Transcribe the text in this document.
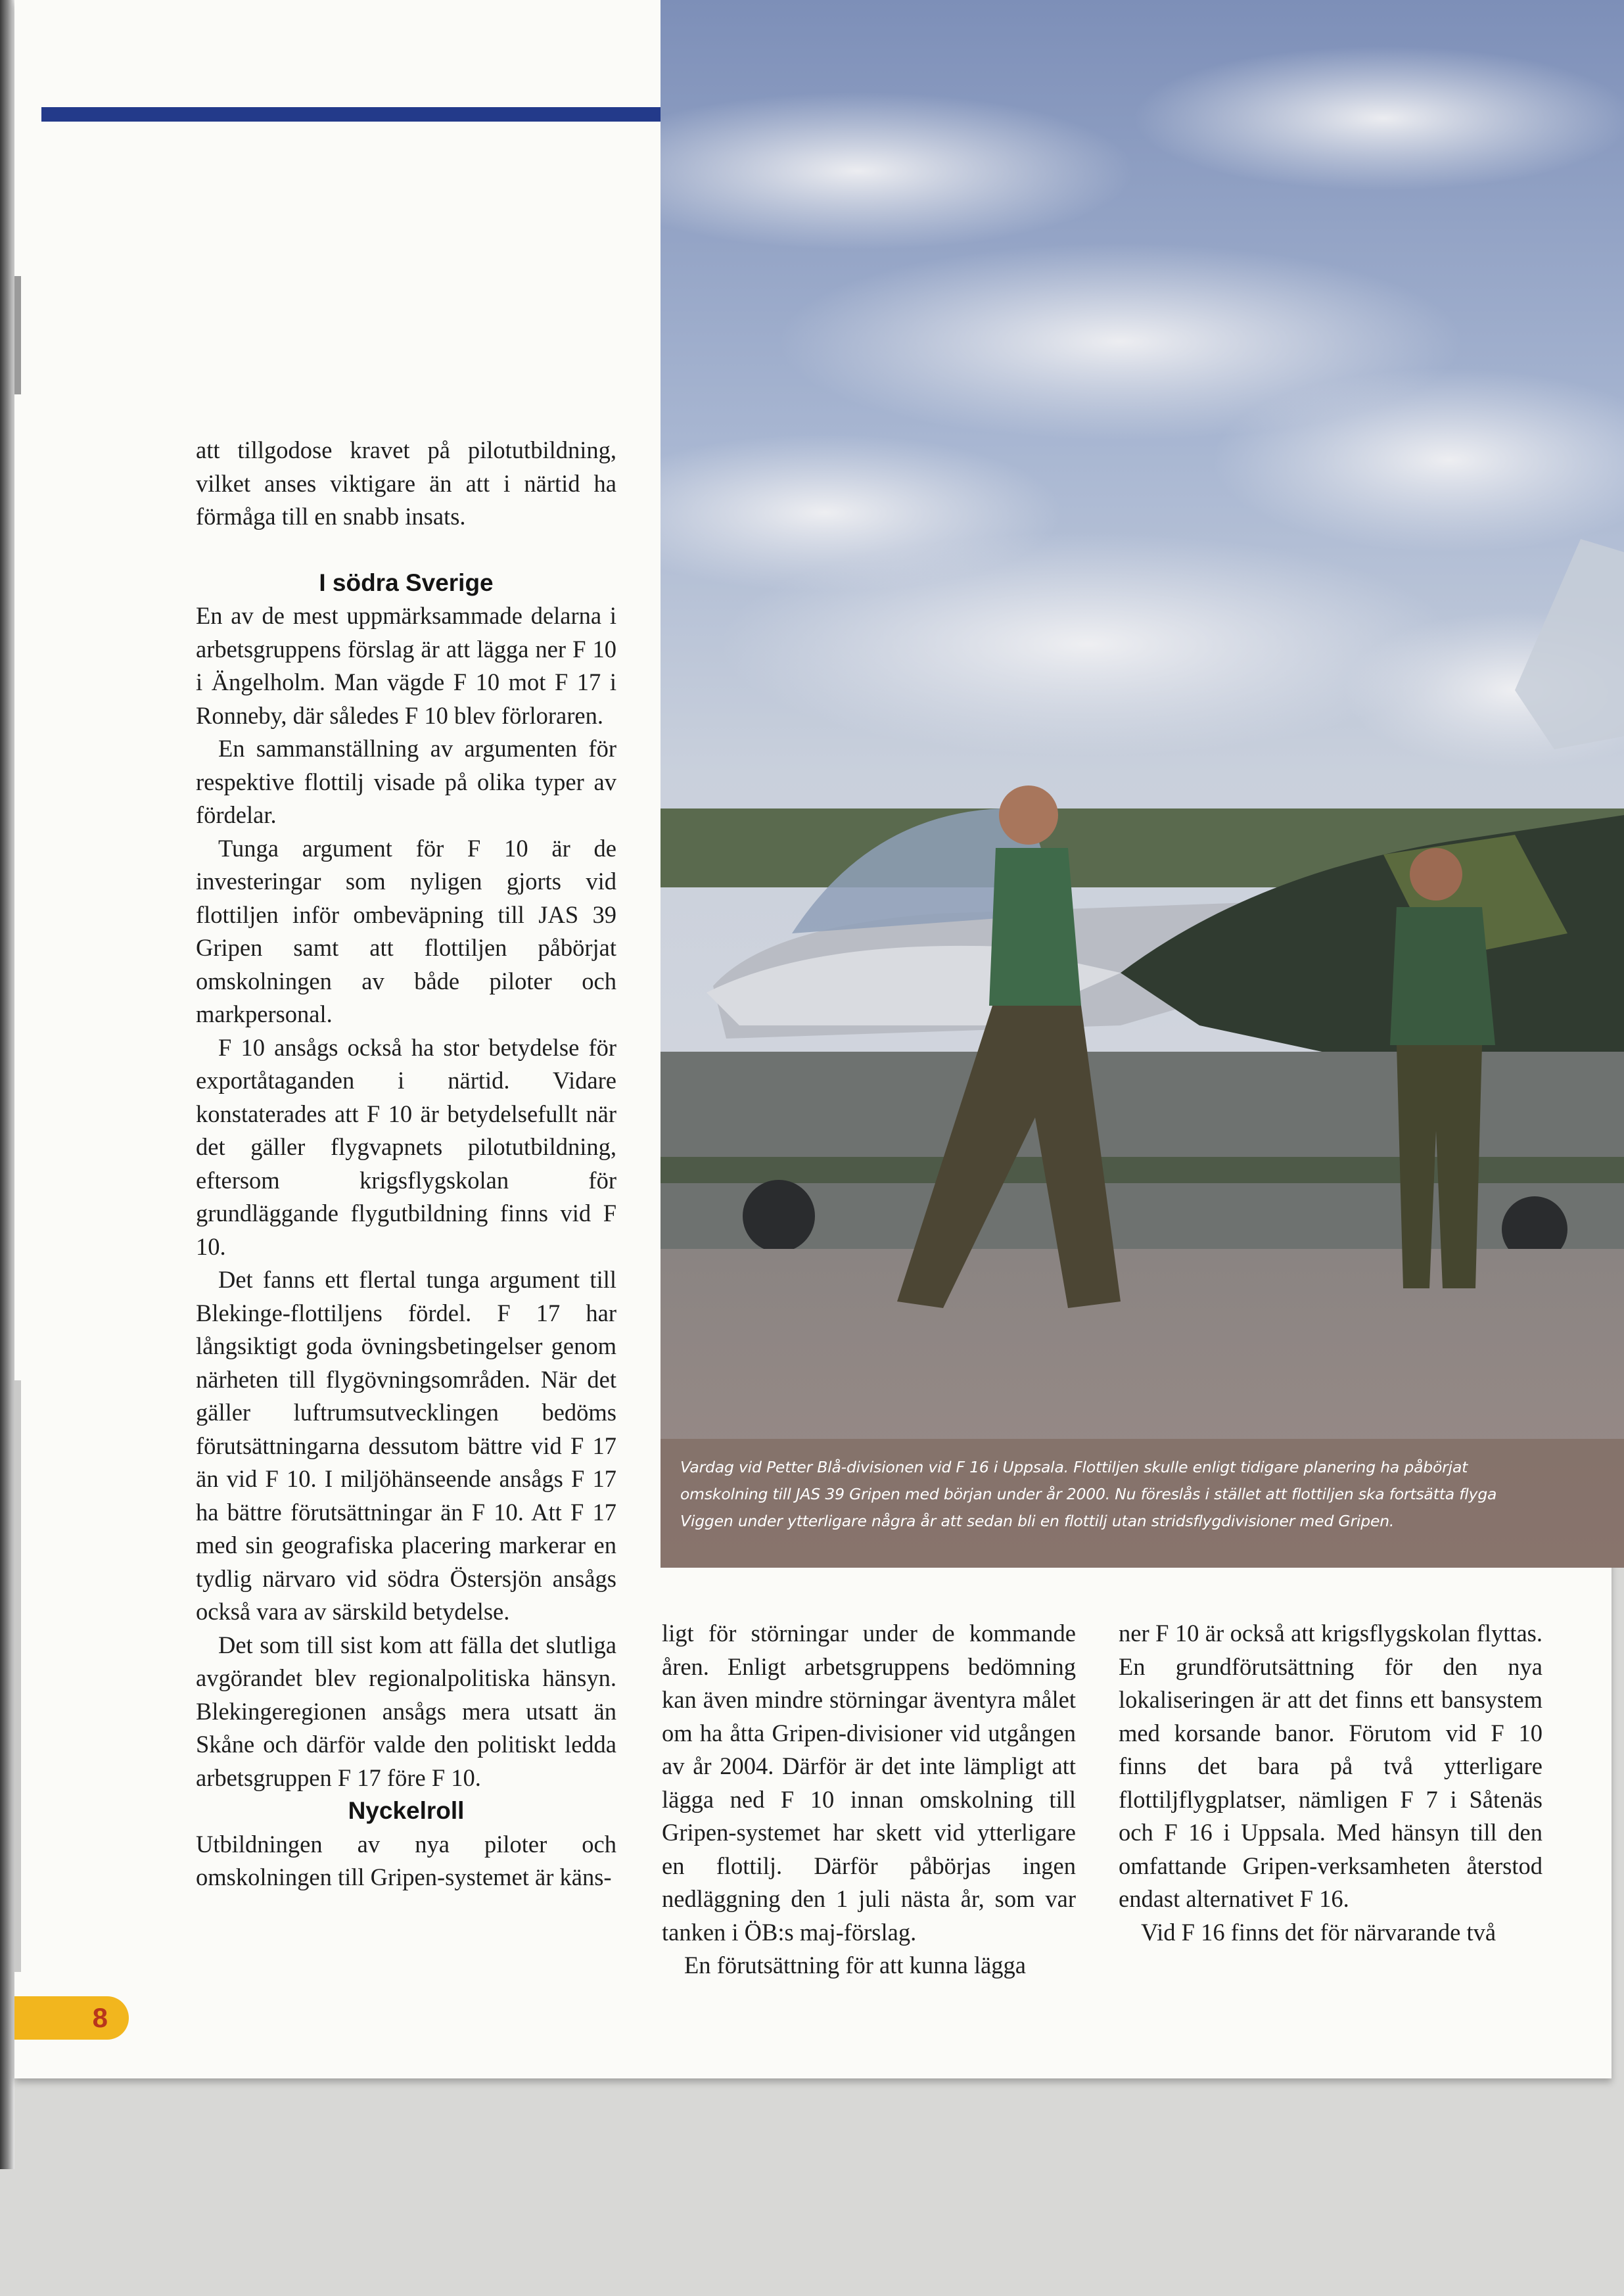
Vardag vid Petter Blå-divisionen vid F 16 i Uppsala. Flottiljen skulle enligt tidigare planering ha påbörjat omskolning till JAS 39 Gripen med början under år 2000. Nu föreslås i stället att flottiljen ska fortsätta flyga Viggen under ytterligare några år att sedan bli en flottilj utan stridsflygdivisioner med Gripen.

att tillgodose kravet på pilotutbildning, vilket anses viktigare än att i närtid ha förmåga till en snabb insats.

I södra Sverige

En av de mest uppmärksammade delarna i arbetsgruppens förslag är att lägga ner F 10 i Ängelholm. Man vägde F 10 mot F 17 i Ronneby, där således F 10 blev förloraren.

En sammanställning av argumenten för respektive flottilj visade på olika typer av fördelar.

Tunga argument för F 10 är de investeringar som nyligen gjorts vid flottiljen inför ombeväpning till JAS 39 Gripen samt att flottiljen påbörjat omskolningen av både piloter och markpersonal.

F 10 ansågs också ha stor betydelse för exportåtaganden i närtid. Vidare konstaterades att F 10 är betydelsefullt när det gäller flygvapnets pilotutbildning, eftersom krigsflygskolan för grundläggande flygutbildning finns vid F 10.

Det fanns ett flertal tunga argument till Blekinge-flottiljens fördel. F 17 har långsiktigt goda övningsbetingelser genom närheten till flygövningsområden. När det gäller luftrumsutvecklingen bedöms förutsättningarna dessutom bättre vid F 17 än vid F 10. I miljöhänseende ansågs F 17 ha bättre förutsättningar än F 10. Att F 17 med sin geografiska placering markerar en tydlig närvaro vid södra Östersjön ansågs också vara av särskild betydelse.

Det som till sist kom att fälla det slutliga avgörandet blev regionalpolitiska hänsyn. Blekingeregionen ansågs mera utsatt än Skåne och därför valde den politiskt ledda arbetsgruppen F 17 före F 10.

Nyckelroll

Utbildningen av nya piloter och omskolningen till Gripen-systemet är käns-

ligt för störningar under de kommande åren. Enligt arbetsgruppens bedömning kan även mindre störningar äventyra målet om ha åtta Gripen-divisioner vid utgången av år 2004. Därför är det inte lämpligt att lägga ned F 10 innan omskolning till Gripen-systemet har skett vid ytterligare en flottilj. Därför påbörjas ingen nedläggning den 1 juli nästa år, som var tanken i ÖB:s maj-förslag.

En förutsättning för att kunna lägga

ner F 10 är också att krigsflygskolan flyttas. En grundförutsättning för den nya lokaliseringen är att det finns ett bansystem med korsande banor. Förutom vid F 10 finns det bara på två ytterligare flottiljflygplatser, nämligen F 7 i Såtenäs och F 16 i Uppsala. Med hänsyn till den omfattande Gripen-verksamheten återstod endast alternativet F 16.

Vid F 16 finns det för närvarande två

8
